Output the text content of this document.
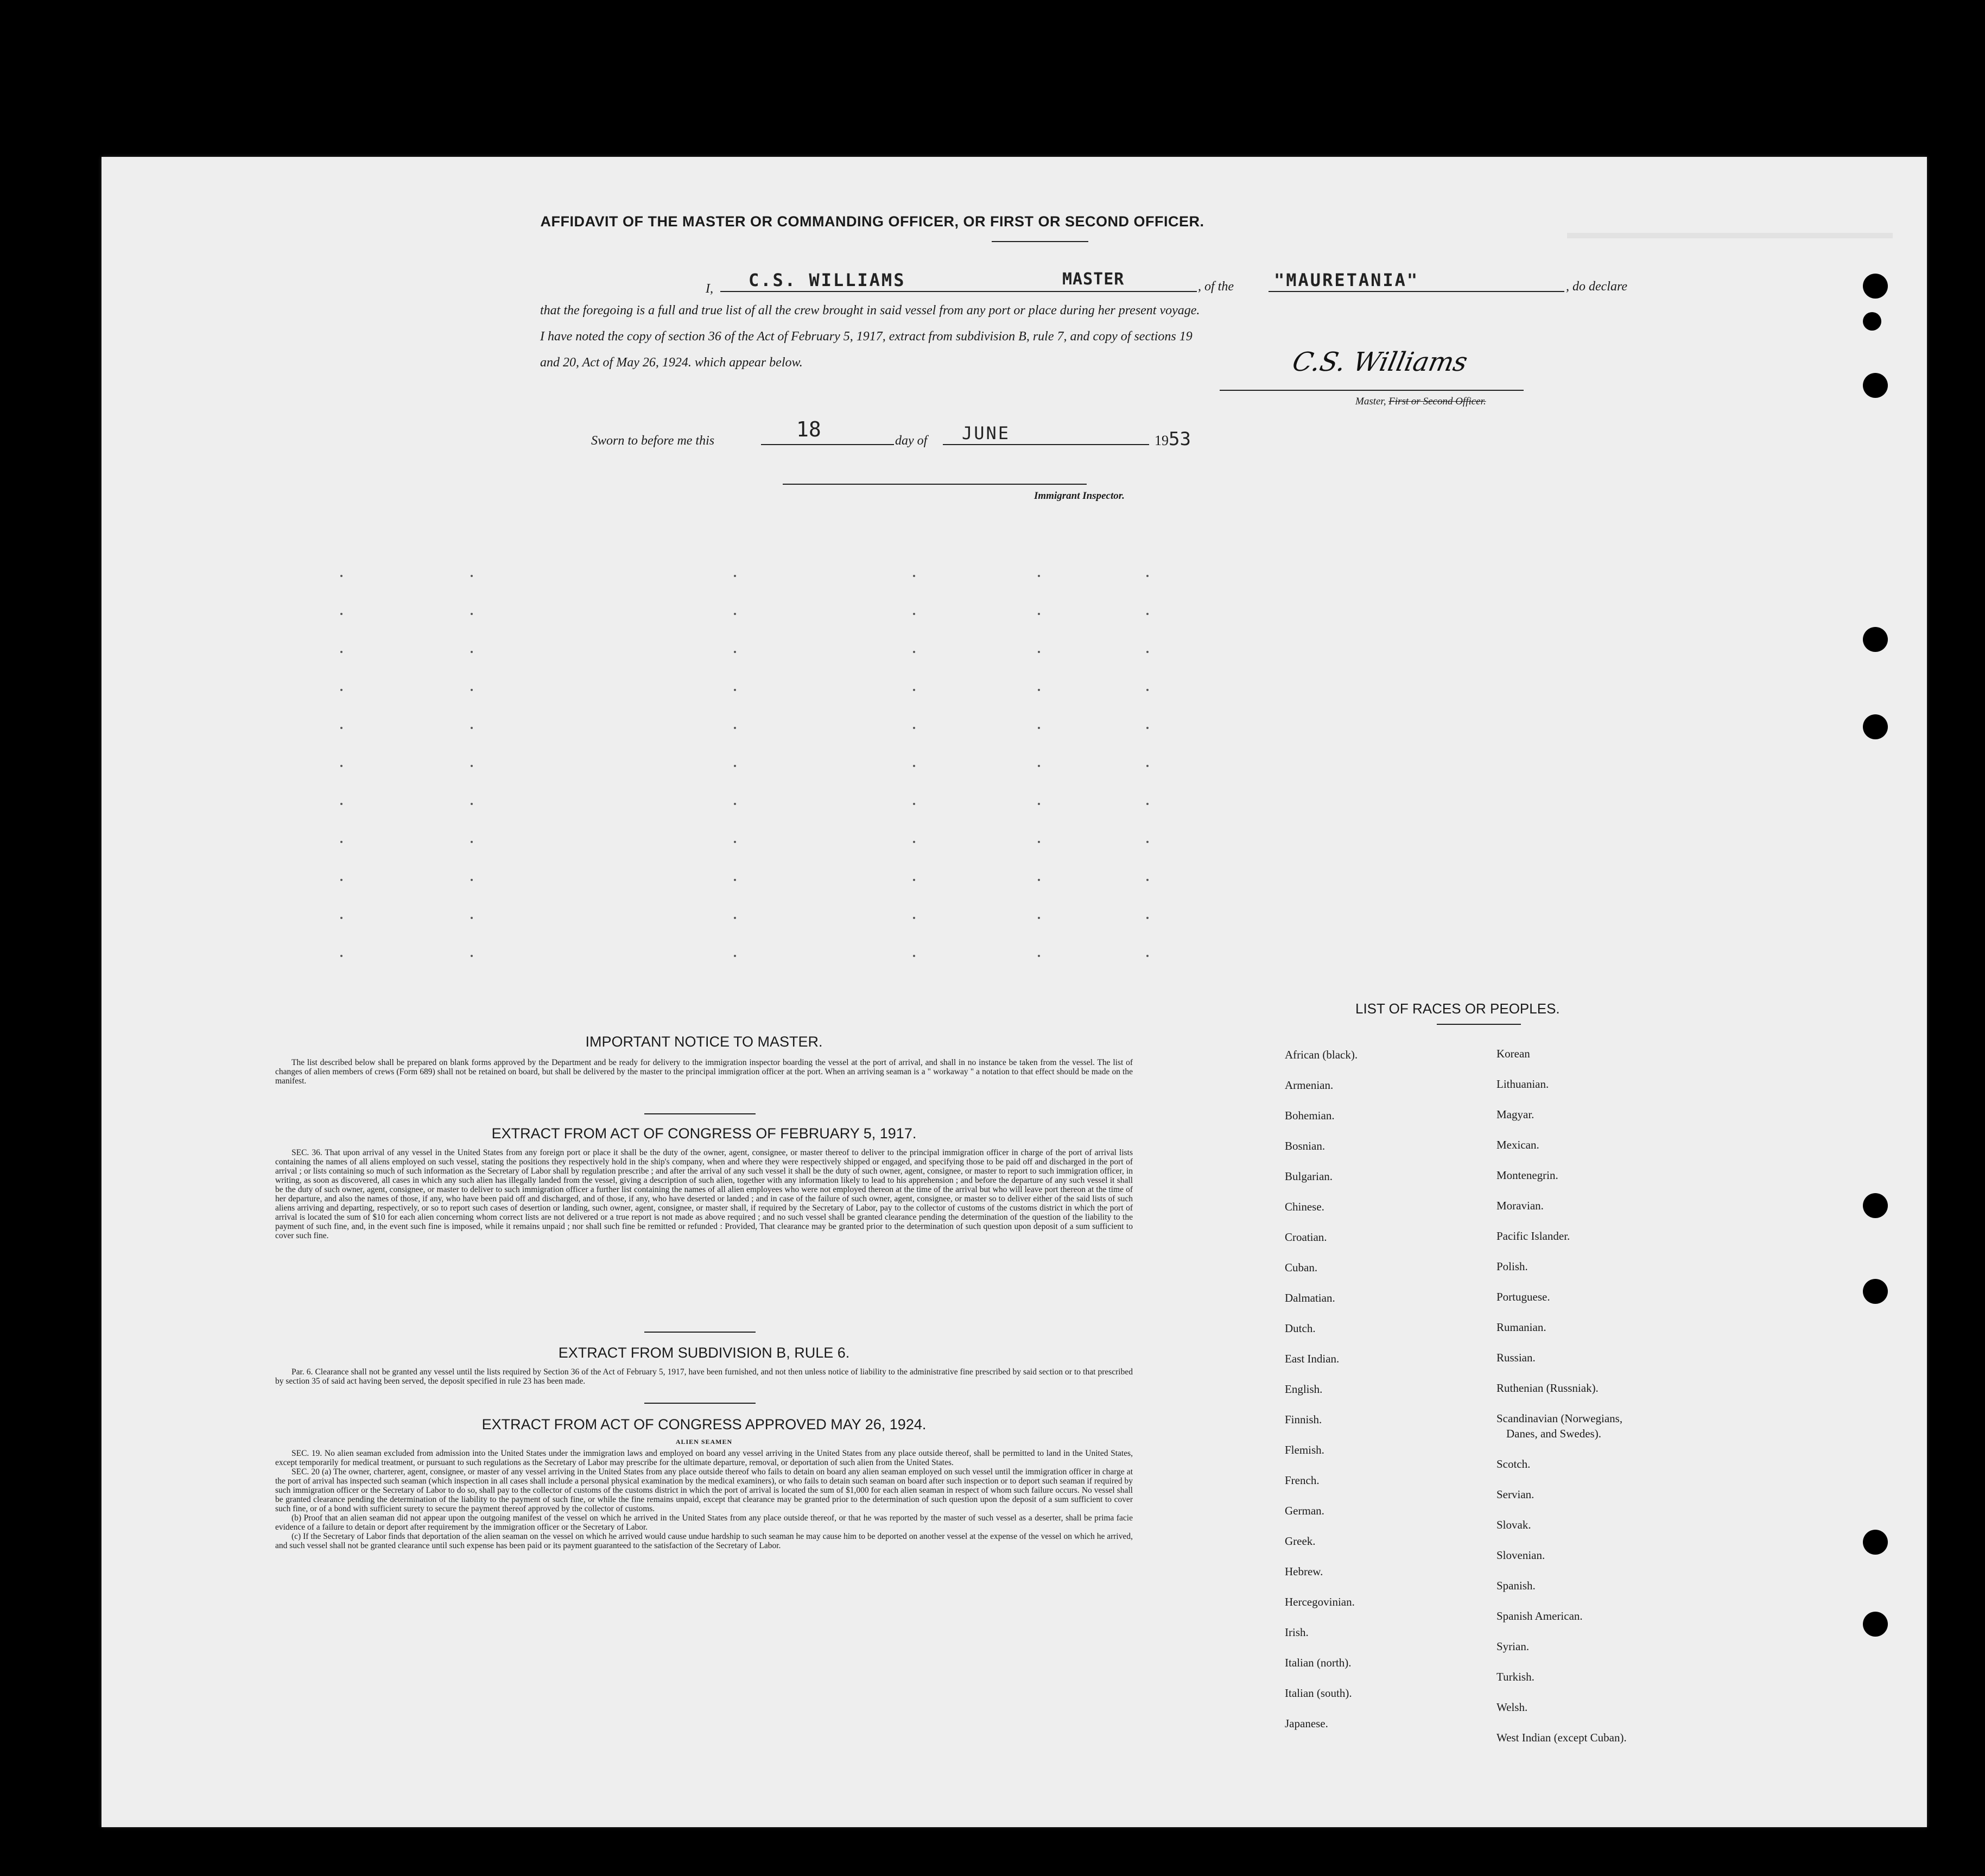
AFFIDAVIT OF THE MASTER OR COMMANDING OFFICER, OR FIRST OR SECOND OFFICER.
I, C.S. WILLIAMS	MASTER	, of the "MAURETANIA"	, do declare
that the foregoing is a full and true list of all the crew brought in said vessel from any port or place during her present voyage.
I have noted the copy of section 36 of the Act of February 5, 1917, extract from subdivision B, rule 7, and copy of sections 19
and 20, Act of May 26, 1924. which appear below.	C.S. Williams
Master, First or Second Officer.
Sworn to before me this	18	day of JUNE	1953
Immigrant Inspector.
IMPORTANT NOTICE TO MASTER.

The list described below shall be prepared on blank forms approved by the Department and be ready for delivery to the immigration inspector boarding the vessel at the port of arrival, and shall in no instance be taken from the vessel. The list of changes of alien members of crews (Form 689) shall not be retained on board, but shall be delivered by the master to the principal immigration officer at the port. When an arriving seaman is a " workaway " a notation to that effect should be made on the manifest.

EXTRACT FROM ACT OF CONGRESS OF FEBRUARY 5, 1917.

SEC. 36. That upon arrival of any vessel in the United States from any foreign port or place it shall be the duty of the owner, agent, consignee, or master thereof to deliver to the principal immigration officer in charge of the port of arrival lists containing the names of all aliens employed on such vessel, stating the positions they respectively hold in the ship's company, when and where they were respectively shipped or engaged, and specifying those to be paid off and discharged in the port of arrival ; or lists containing so much of such information as the Secretary of Labor shall by regulation prescribe ; and after the arrival of any such vessel it shall be the duty of such owner, agent, consignee, or master to report to such immigration officer, in writing, as soon as discovered, all cases in which any such alien has illegally landed from the vessel, giving a description of such alien, together with any information likely to lead to his apprehension ; and before the departure of any such vessel it shall be the duty of such owner, agent, consignee, or master to deliver to such immigration officer a further list containing the names of all alien employees who were not employed thereon at the time of the arrival but who will leave port thereon at the time of her departure, and also the names of those, if any, who have been paid off and discharged, and of those, if any, who have deserted or landed ; and in case of the failure of such owner, agent, consignee, or master so to deliver either of the said lists of such aliens arriving and departing, respectively, or so to report such cases of desertion or landing, such owner, agent, consignee, or master shall, if required by the Secretary of Labor, pay to the collector of customs of the customs district in which the port of arrival is located the sum of $10 for each alien concerning whom correct lists are not delivered or a true report is not made as above required ; and no such vessel shall be granted clearance pending the determination of the question of the liability to the payment of such fine, and, in the event such fine is imposed, while it remains unpaid ; nor shall such fine be remitted or refunded : Provided, That clearance may be granted prior to the determination of such question upon deposit of a sum sufficient to cover such fine.

EXTRACT FROM SUBDIVISION B, RULE 6.

Par. 6. Clearance shall not be granted any vessel until the lists required by Section 36 of the Act of February 5, 1917, have been furnished, and not then unless notice of liability to the administrative fine prescribed by said section or to that prescribed by section 35 of said act having been served, the deposit specified in rule 23 has been made.

EXTRACT FROM ACT OF CONGRESS APPROVED MAY 26, 1924.
ALIEN SEAMEN

SEC. 19. No alien seaman excluded from admission into the United States under the immigration laws and employed on board any vessel arriving in the United States from any place outside thereof, shall be permitted to land in the United States, except temporarily for medical treatment, or pursuant to such regulations as the Secretary of Labor may prescribe for the ultimate departure, removal, or deportation of such alien from the United States.

SEC. 20 (a) The owner, charterer, agent, consignee, or master of any vessel arriving in the United States from any place outside thereof who fails to detain on board any alien seaman employed on such vessel until the immigration officer in charge at the port of arrival has inspected such seaman (which inspection in all cases shall include a personal physical examination by the medical examiners), or who fails to detain such seaman on board after such inspection or to deport such seaman if required by such immigration officer or the Secretary of Labor to do so, shall pay to the collector of customs of the customs district in which the port of arrival is located the sum of $1,000 for each alien seaman in respect of whom such failure occurs. No vessel shall be granted clearance pending the determination of the liability to the payment of such fine, or while the fine remains unpaid, except that clearance may be granted prior to the determination of such question upon the deposit of a sum sufficient to cover such fine, or of a bond with sufficient surety to secure the payment thereof approved by the collector of customs.

(b) Proof that an alien seaman did not appear upon the outgoing manifest of the vessel on which he arrived in the United States from any place outside thereof, or that he was reported by the master of such vessel as a deserter, shall be prima facie evidence of a failure to detain or deport after requirement by the immigration officer or the Secretary of Labor.

(c) If the Secretary of Labor finds that deportation of the alien seaman on the vessel on which he arrived would cause undue hardship to such seaman he may cause him to be deported on another vessel at the expense of the vessel on which he arrived, and such vessel shall not be granted clearance until such expense has been paid or its payment guaranteed to the satisfaction of the Secretary of Labor.

LIST OF RACES OR PEOPLES.
African (black).
Armenian.
Bohemian.
Bosnian.
Bulgarian.
Chinese.
Croatian.
Cuban.
Dalmatian.
Dutch.
East Indian.
English.
Finnish.
Flemish.
French.
German.
Greek.
Hebrew.
Hercegovinian.
Irish.
Italian (north).
Italian (south).
Japanese.
Korean
Lithuanian.
Magyar.
Mexican.
Montenegrin.
Moravian.
Pacific Islander.
Polish.
Portuguese.
Rumanian.
Russian.
Ruthenian (Russniak).
Scandinavian (Norwegians,
Danes, and Swedes).
Scotch.
Servian.
Slovak.
Slovenian.
Spanish.
Spanish American.
Syrian.
Turkish.
Welsh.
West Indian (except Cuban).
